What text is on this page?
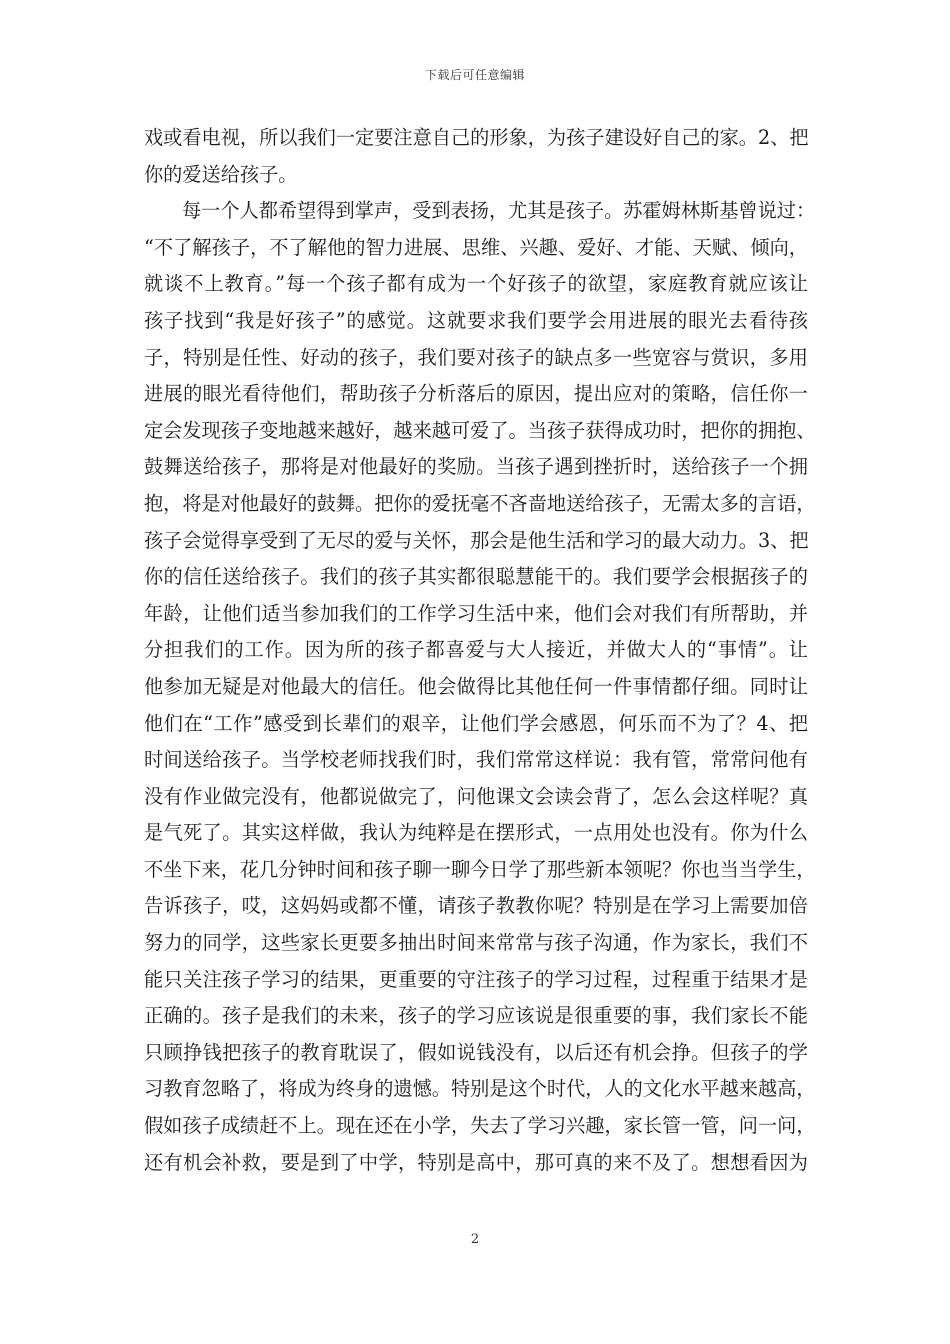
下载后可任意编辑
戏或看电视，所以我们一定要注意自己的形象，为孩子建设好自己的家。2、把
你的爱送给孩子。
每一个人都希望得到掌声，受到表扬，尤其是孩子。苏霍姆林斯基曾说过：
“不了解孩子，不了解他的智力进展、思维、兴趣、爱好、才能、天赋、倾向，
就谈不上教育。”每一个孩子都有成为一个好孩子的欲望，家庭教育就应该让
孩子找到“我是好孩子”的感觉。这就要求我们要学会用进展的眼光去看待孩
子，特别是任性、好动的孩子，我们要对孩子的缺点多一些宽容与赏识，多用
进展的眼光看待他们，帮助孩子分析落后的原因，提出应对的策略，信任你一
定会发现孩子变地越来越好，越来越可爱了。当孩子获得成功时，把你的拥抱、
鼓舞送给孩子，那将是对他最好的奖励。当孩子遇到挫折时，送给孩子一个拥
抱，将是对他最好的鼓舞。把你的爱抚毫不吝啬地送给孩子，无需太多的言语，
孩子会觉得享受到了无尽的爱与关怀，那会是他生活和学习的最大动力。3、把
你的信任送给孩子。我们的孩子其实都很聪慧能干的。我们要学会根据孩子的
年龄，让他们适当参加我们的工作学习生活中来，他们会对我们有所帮助，并
分担我们的工作。因为所的孩子都喜爱与大人接近，并做大人的“事情”。让
他参加无疑是对他最大的信任。他会做得比其他任何一件事情都仔细。同时让
他们在“工作”感受到长辈们的艰辛，让他们学会感恩，何乐而不为了？4、把
时间送给孩子。当学校老师找我们时，我们常常这样说：我有管，常常问他有
没有作业做完没有，他都说做完了，问他课文会读会背了，怎么会这样呢？真
是气死了。其实这样做，我认为纯粹是在摆形式，一点用处也没有。你为什么
不坐下来，花几分钟时间和孩子聊一聊今日学了那些新本领呢？你也当当学生，
告诉孩子，哎，这妈妈或都不懂，请孩子教教你呢？特别是在学习上需要加倍
努力的同学，这些家长更要多抽出时间来常常与孩子沟通，作为家长，我们不
能只关注孩子学习的结果，更重要的守注孩子的学习过程，过程重于结果才是
正确的。孩子是我们的未来，孩子的学习应该说是很重要的事，我们家长不能
只顾挣钱把孩子的教育耽误了，假如说钱没有，以后还有机会挣。但孩子的学
习教育忽略了，将成为终身的遗憾。特别是这个时代，人的文化水平越来越高，
假如孩子成绩赶不上。现在还在小学，失去了学习兴趣，家长管一管，问一问，
还有机会补救，要是到了中学，特别是高中，那可真的来不及了。想想看因为
2
